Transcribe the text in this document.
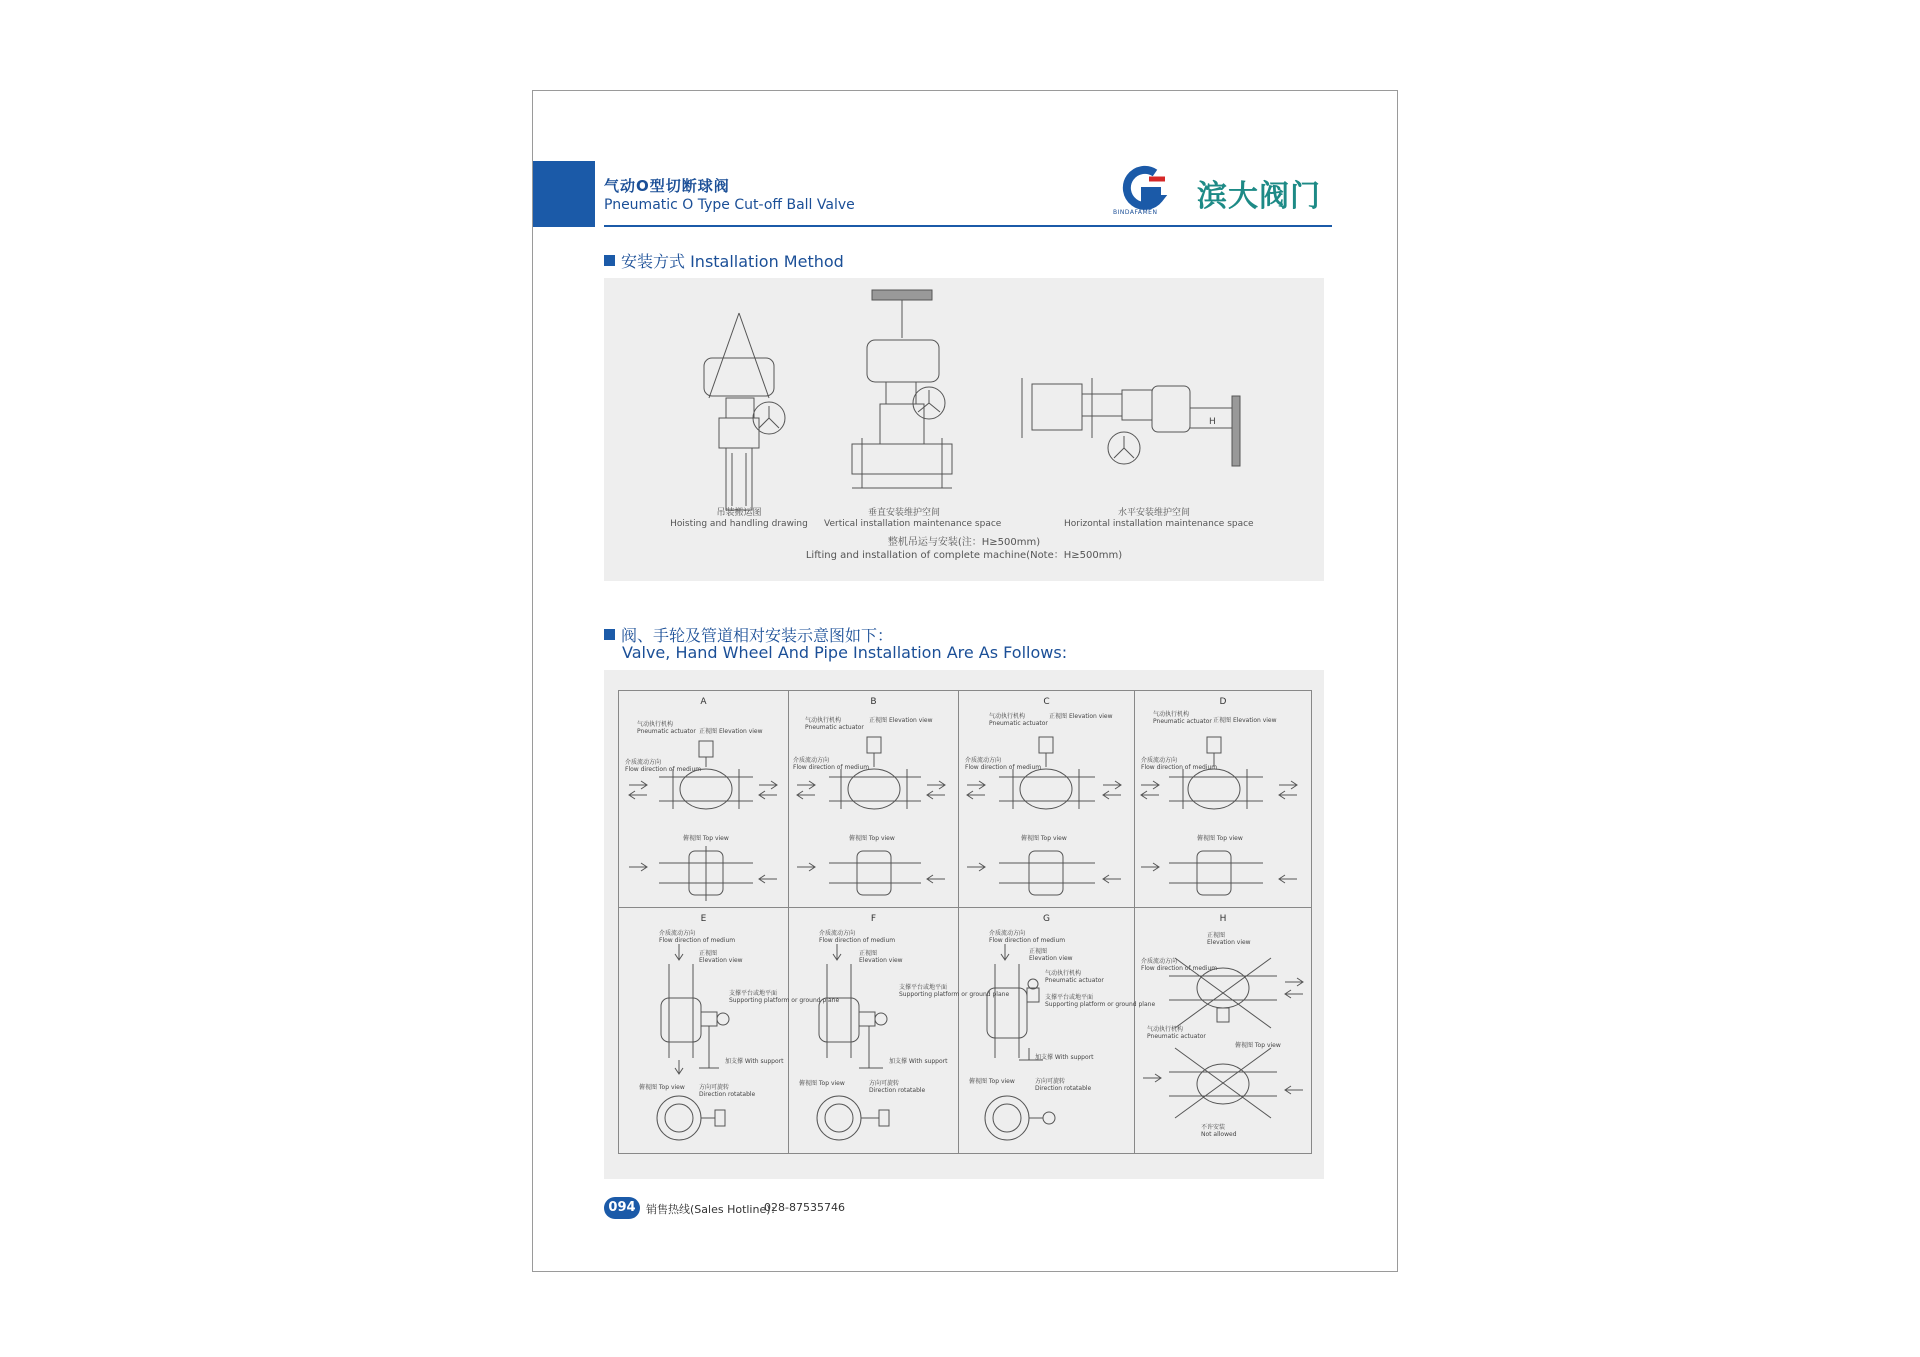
气动O型切断球阀
Pneumatic O Type Cut-off Ball Valve	BINDAFAMEN 滨大阀门
安装方式 Installation Method
H
吊装搬运图
Hoisting and handling drawing
垂直安装维护空间
Vertical installation maintenance space
水平安装维护空间
Horizontal installation maintenance space
整机吊运与安装(注：H≥500mm)
Lifting and installation of complete machine(Note：H≥500mm)
阀、手轮及管道相对安装示意图如下：
Valve, Hand Wheel And Pipe Installation Are As Follows:
A
气动执行机构
Pneumatic actuator 正视图 Elevation view
介质流动方向
Flow direction of medium
俯视图 Top view
B
气动执行机构
Pneumatic actuator
正视图 Elevation view
介质流动方向
Flow direction of medium
俯视图 Top view
C
气动执行机构
Pneumatic actuator
正视图 Elevation view
介质流动方向
Flow direction of medium
俯视图 Top view
D
气动执行机构
Pneumatic actuator 正视图 Elevation view
介质流动方向
Flow direction of medium
俯视图 Top view
E
介质流动方向
Flow direction of medium
正视图
Elevation view
支撑平台或地平面
Supporting platform or ground plane
加支撑 With support
俯视图 Top view 方向可旋转
Direction rotatable
F
介质流动方向
Flow direction of medium
正视图
Elevation view
支撑平台或地平面
Supporting platform or ground plane
加支撑 With support
俯视图 Top view	方向可旋转
Direction rotatable
G
介质流动方向
Flow direction of medium
正视图
Elevation view
气动执行机构
Pneumatic actuator
支撑平台或地平面
Supporting platform or ground plane
加支撑 With support
俯视图 Top view	方向可旋转
Direction rotatable
H
正视图
Elevation view
介质流动方向
Flow direction of medium
气动执行机构
Pneumatic actuator
俯视图 Top view
不许安装
Not allowed
094 销售热线(Sales Hotline)：
028-87535746
